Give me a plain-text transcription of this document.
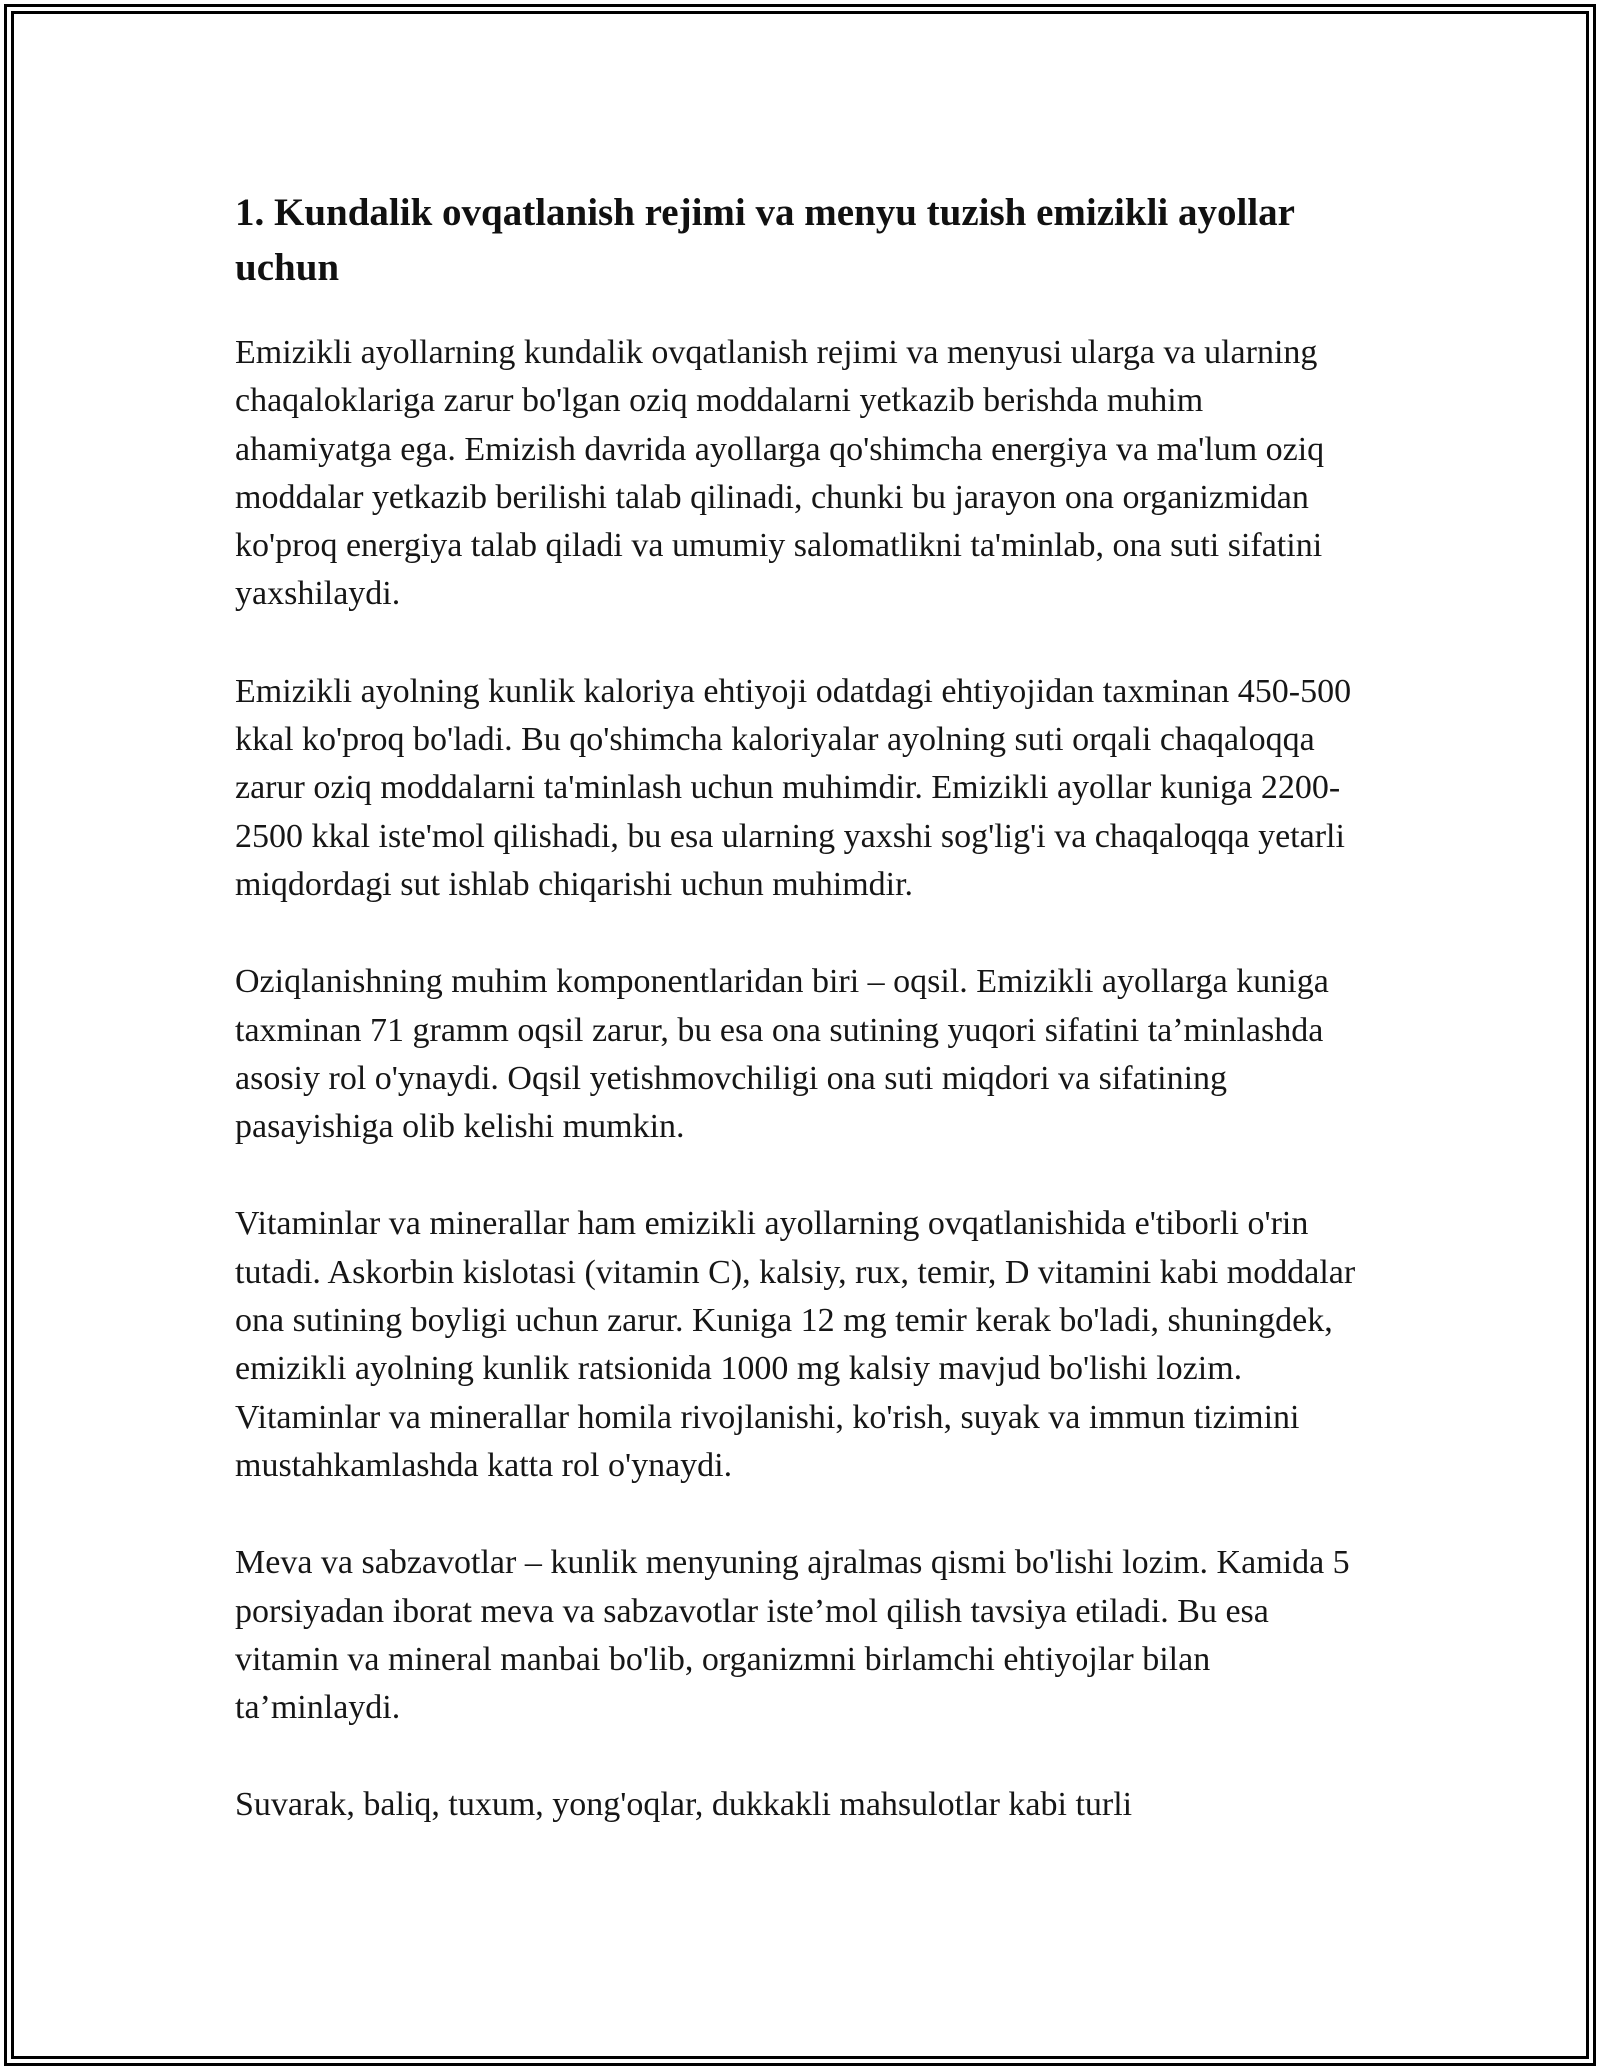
1. Kundalik ovqatlanish rejimi va menyu tuzish emizikli ayollar uchun

Emizikli ayollarning kundalik ovqatlanish rejimi va menyusi ularga va ularning chaqaloklariga zarur bo'lgan oziq moddalarni yetkazib berishda muhim ahamiyatga ega. Emizish davrida ayollarga qo'shimcha energiya va ma'lum oziq moddalar yetkazib berilishi talab qilinadi, chunki bu jarayon ona organizmidan ko'proq energiya talab qiladi va umumiy salomatlikni ta'minlab, ona suti sifatini yaxshilaydi.

Emizikli ayolning kunlik kaloriya ehtiyoji odatdagi ehtiyojidan taxminan 450-500 kkal ko'proq bo'ladi. Bu qo'shimcha kaloriyalar ayolning suti orqali chaqaloqqa zarur oziq moddalarni ta'minlash uchun muhimdir. Emizikli ayollar kuniga 2200-2500 kkal iste'mol qilishadi, bu esa ularning yaxshi sog'lig'i va chaqaloqqa yetarli miqdordagi sut ishlab chiqarishi uchun muhimdir.

Oziqlanishning muhim komponentlaridan biri – oqsil. Emizikli ayollarga kuniga taxminan 71 gramm oqsil zarur, bu esa ona sutining yuqori sifatini ta’minlashda asosiy rol o'ynaydi. Oqsil yetishmovchiligi ona suti miqdori va sifatining pasayishiga olib kelishi mumkin.

Vitaminlar va minerallar ham emizikli ayollarning ovqatlanishida e'tiborli o'rin tutadi. Askorbin kislotasi (vitamin C), kalsiy, rux, temir, D vitamini kabi moddalar ona sutining boyligi uchun zarur. Kuniga 12 mg temir kerak bo'ladi, shuningdek, emizikli ayolning kunlik ratsionida 1000 mg kalsiy mavjud bo'lishi lozim.  Vitaminlar va minerallar homila rivojlanishi, ko'rish, suyak va immun tizimini mustahkamlashda katta rol o'ynaydi.

Meva va sabzavotlar – kunlik menyuning ajralmas qismi bo'lishi lozim. Kamida 5 porsiyadan iborat meva va sabzavotlar iste’mol qilish tavsiya etiladi. Bu esa vitamin va mineral manbai bo'lib, organizmni birlamchi ehtiyojlar bilan ta’minlaydi.

Suvarak, baliq, tuxum, yong'oqlar, dukkakli mahsulotlar kabi turli
